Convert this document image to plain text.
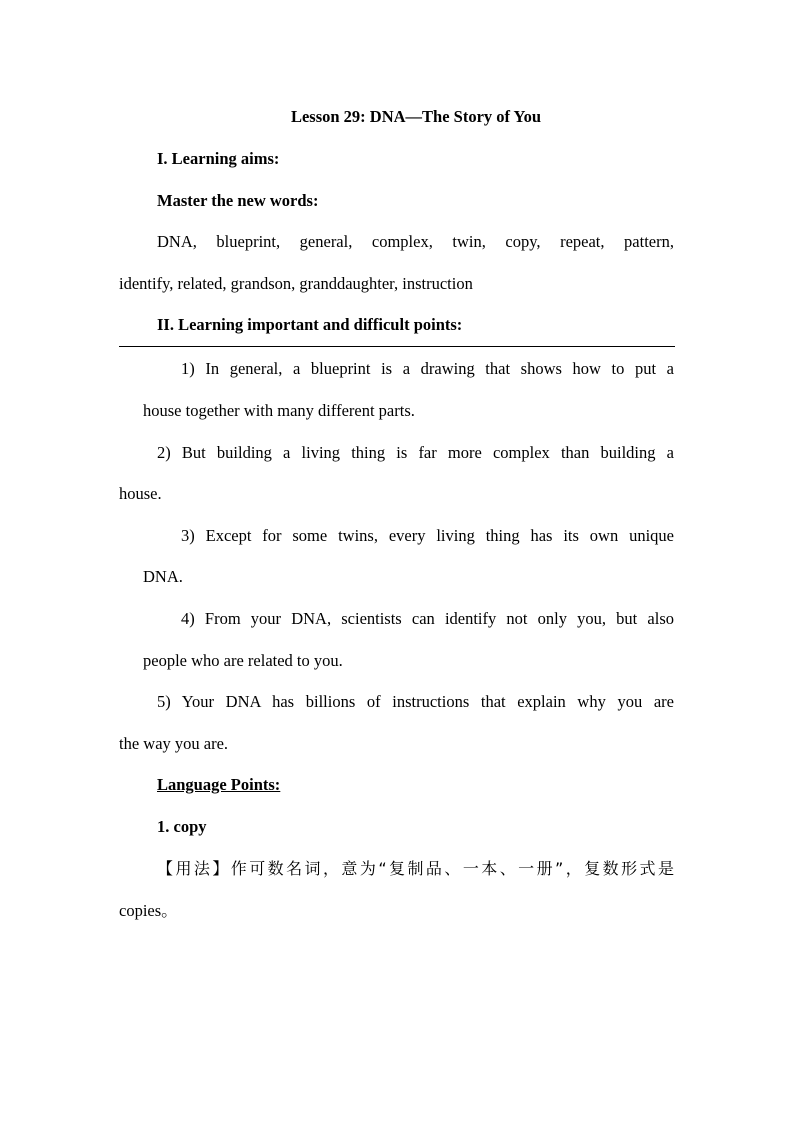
Lesson 29: DNA—The Story of You
I. Learning aims:
Master the new words:
DNA, blueprint, general, complex, twin, copy, repeat, pattern,
identify, related, grandson, granddaughter, instruction
II. Learning important and difficult points:
1) In general, a blueprint is a drawing that shows how to put a
house together with many different parts.
2) But building a living thing is far more complex than building a
house.
3) Except for some twins, every living thing has its own unique
DNA.
4) From your DNA, scientists can identify not only you, but also
people who are related to you.
5) Your DNA has billions of instructions that explain why you are
the way you are.
Language Points:
1. copy
【用法】作可数名词，意为“复制品、一本、一册”，复数形式是
copies。
